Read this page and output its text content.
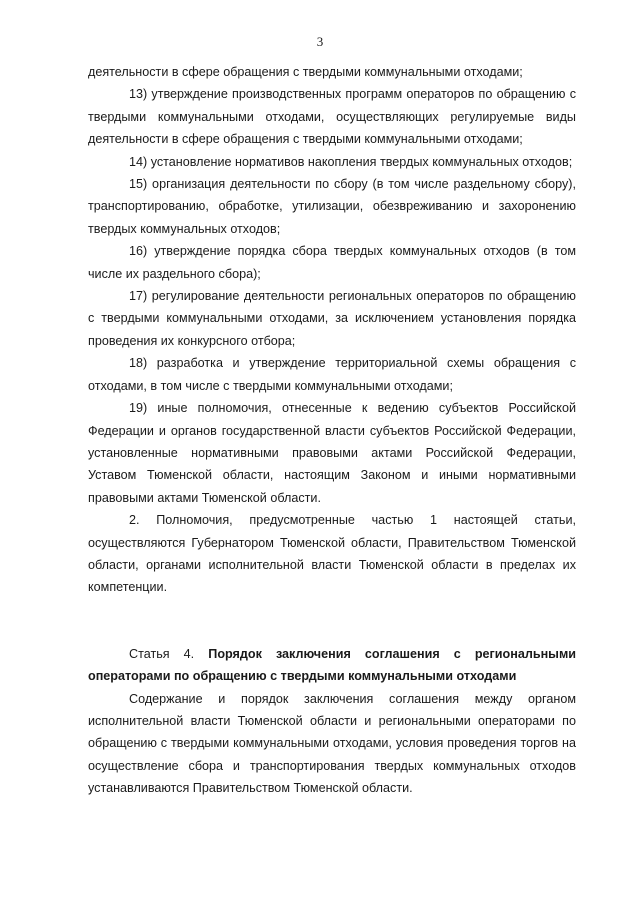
3

деятельности в сфере обращения с твердыми коммунальными отходами;

13) утверждение производственных программ операторов по обращению с твердыми коммунальными отходами, осуществляющих регулируемые виды деятельности в сфере обращения с твердыми коммунальными отходами;

14) установление нормативов накопления твердых коммунальных отходов;

15) организация деятельности по сбору (в том числе раздельному сбору), транспортированию, обработке, утилизации, обезвреживанию и захоронению твердых коммунальных отходов;

16) утверждение порядка сбора твердых коммунальных отходов (в том числе их раздельного сбора);

17) регулирование деятельности региональных операторов по обращению с твердыми коммунальными отходами, за исключением установления порядка проведения их конкурсного отбора;

18) разработка и утверждение территориальной схемы обращения с отходами, в том числе с твердыми коммунальными отходами;

19) иные полномочия, отнесенные к ведению субъектов Российской Федерации и органов государственной власти субъектов Российской Федерации, установленные нормативными правовыми актами Российской Федерации, Уставом Тюменской области, настоящим Законом и иными нормативными правовыми актами Тюменской области.

2. Полномочия, предусмотренные частью 1 настоящей статьи, осуществляются Губернатором Тюменской области, Правительством Тюменской области, органами исполнительной власти Тюменской области в пределах их компетенции.

Статья 4. Порядок заключения соглашения с региональными операторами по обращению с твердыми коммунальными отходами

Содержание и порядок заключения соглашения между органом исполнительной власти Тюменской области и региональными операторами по обращению с твердыми коммунальными отходами, условия проведения торгов на осуществление сбора и транспортирования твердых коммунальных отходов устанавливаются Правительством Тюменской области.
